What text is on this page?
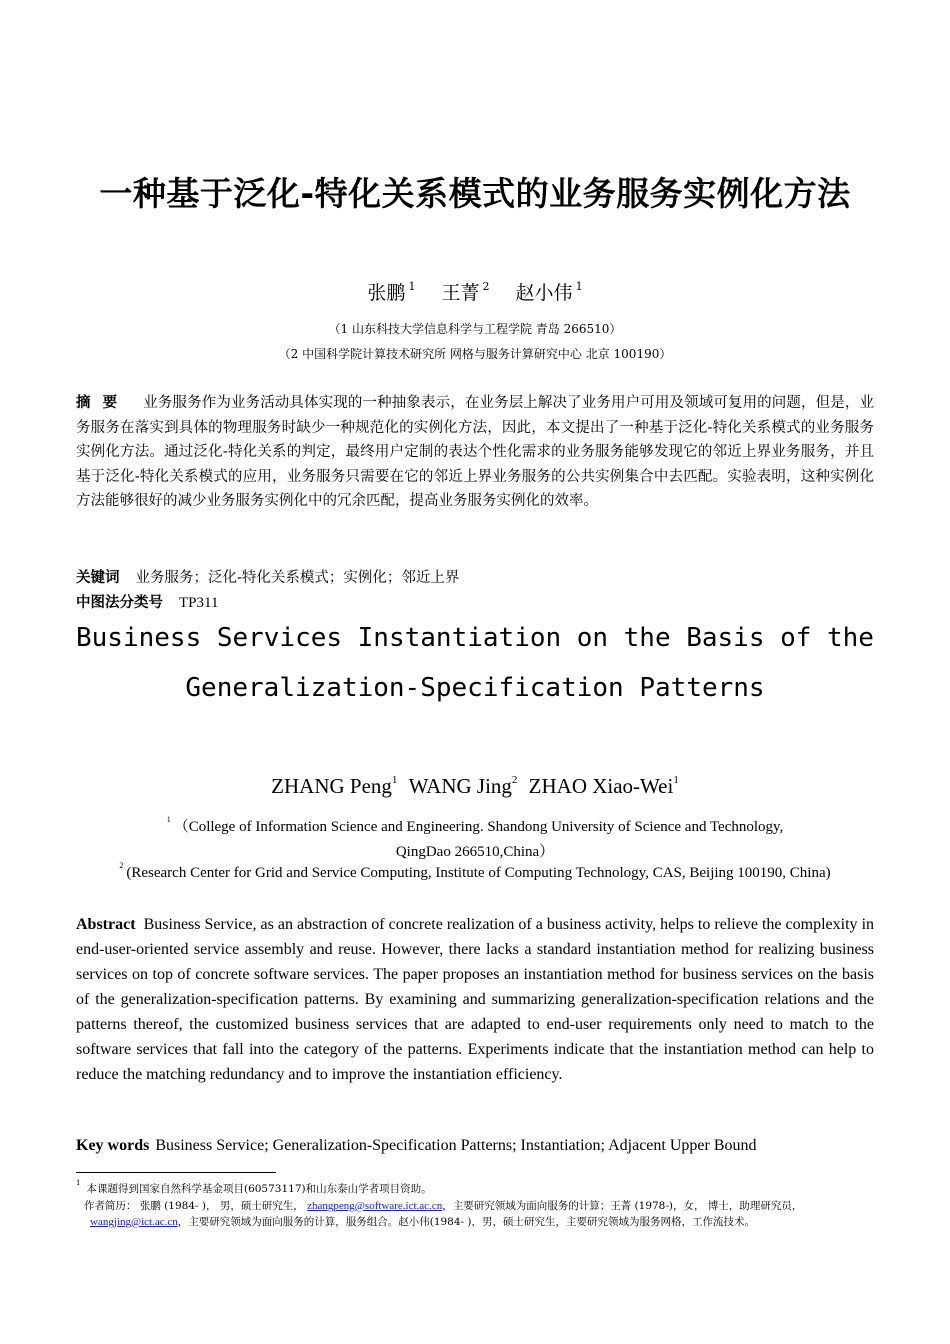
一种基于泛化-特化关系模式的业务服务实例化方法
张鹏 $^1$ 王菁 $^2$ 赵小伟 $^1$
（1 山东科技大学信息科学与工程学院 青岛 266510）
（2 中国科学院计算技术研究所 网格与服务计算研究中心 北京 100190）
摘要 业务服务作为业务活动具体实现的一种抽象表示，在业务层上解决了业务用户可用及领域可复用的问题，但是，业务服务在落实到具体的物理服务时缺少一种规范化的实例化方法，因此，本文提出了一种基于泛化-特化关系模式的业务服务实例化方法。通过泛化-特化关系的判定，最终用户定制的表达个性化需求的业务服务能够发现它的邻近上界业务服务，并且基于泛化-特化关系模式的应用，业务服务只需要在它的邻近上界业务服务的公共实例集合中去匹配。实验表明，这种实例化方法能够很好的减少业务服务实例化中的冗余匹配，提高业务服务实例化的效率。
关键词 业务服务；泛化-特化关系模式；实例化；邻近上界
中图法分类号 TP311
Business Services Instantiation on the Basis of the
Generalization-Specification Patterns
ZHANG Peng$^1$ WANG Jing$^2$ ZHAO Xiao-Wei$^1$
$^1$ （College of Information Science and Engineering. Shandong University of Science and Technology,
QingDao 266510,China）
$^2$ (Research Center for Grid and Service Computing, Institute of Computing Technology, CAS, Beijing 100190, China)
Abstract Business Service, as an abstraction of concrete realization of a business activity, helps to relieve the complexity in end-user-oriented service assembly and reuse. However, there lacks a standard instantiation method for realizing business services on top of concrete software services. The paper proposes an instantiation method for business services on the basis of the generalization-specification patterns. By examining and summarizing generalization-specification relations and the patterns thereof, the customized business services that are adapted to end-user requirements only need to match to the software services that fall into the category of the patterns. Experiments indicate that the instantiation method can help to reduce the matching redundancy and to improve the instantiation efficiency.
Key words Business Service; Generalization-Specification Patterns; Instantiation; Adjacent Upper Bound
$^1$本课题得到国家自然科学基金项目(60573117)和山东泰山学者项目资助。
作者简历： 张鹏 (1984- )， 男，硕士研究生， zhangpeng@software.ict.ac.cn，主要研究领域为面向服务的计算；王菁 (1978-)，女， 博士，助理研究员，
wangjing@ict.ac.cn，主要研究领域为面向服务的计算，服务组合。赵小伟(1984- )，男，硕士研究生，主要研究领域为服务网格，工作流技术。
